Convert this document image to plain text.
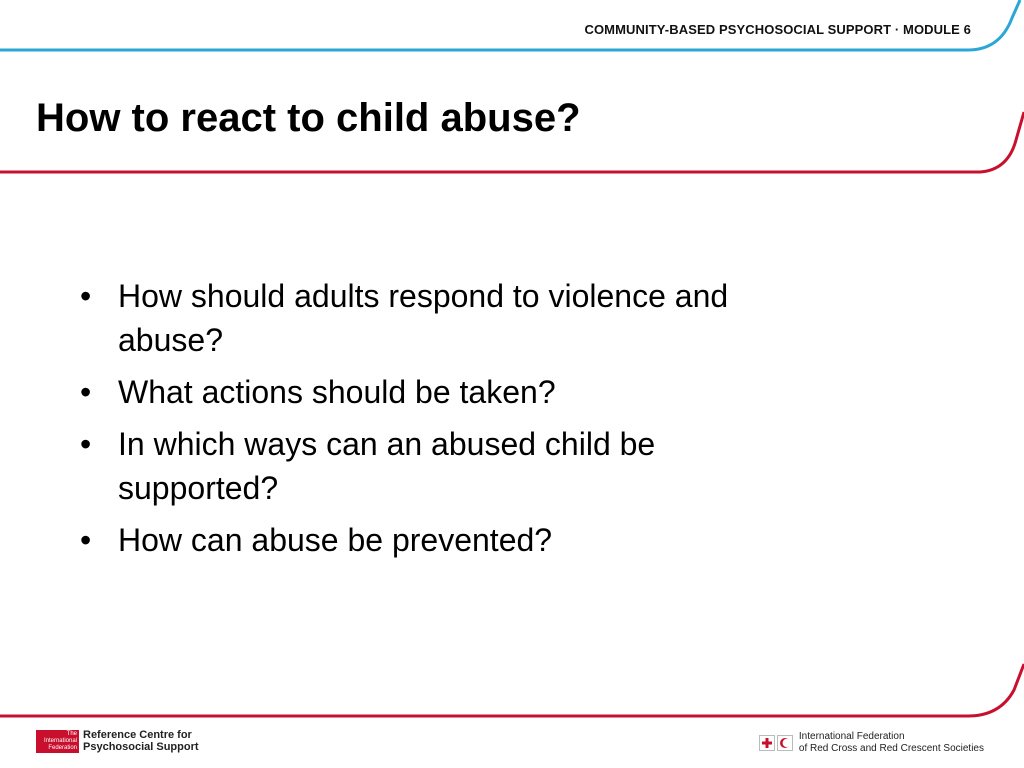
COMMUNITY-BASED PSYCHOSOCIAL SUPPORT · MODULE 6
How to react to child abuse?
• How should adults respond to violence and abuse?
• What actions should be taken?
• In which ways can an abused child be supported?
• How can abuse be prevented?
The
International
Federation
Reference Centre for
Psychosocial Support
International Federation
of Red Cross and Red Crescent Societies
